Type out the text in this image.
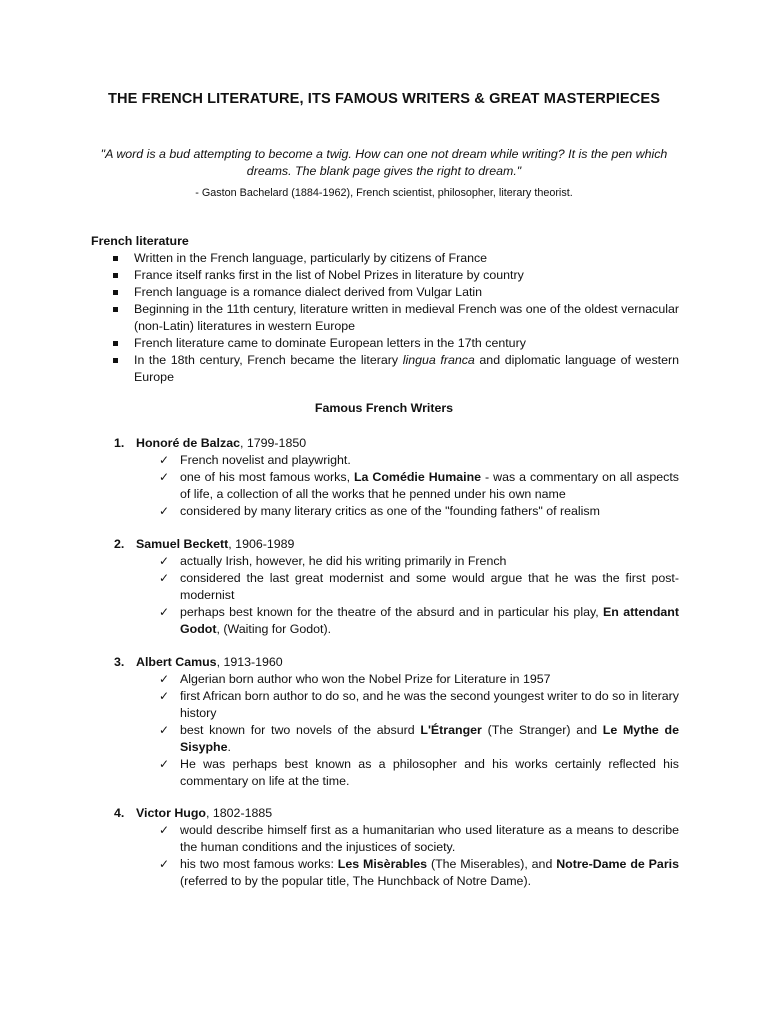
THE FRENCH LITERATURE, ITS FAMOUS WRITERS & GREAT MASTERPIECES
"A word is a bud attempting to become a twig. How can one not dream while writing? It is the pen which dreams. The blank page gives the right to dream."
- Gaston Bachelard (1884-1962), French scientist, philosopher, literary theorist.
French literature
Written in the French language, particularly by citizens of France
France itself ranks first in the list of Nobel Prizes in literature by country
French language is a romance dialect derived from Vulgar Latin
Beginning in the 11th century, literature written in medieval French was one of the oldest vernacular (non-Latin) literatures in western Europe
French literature came to dominate European letters in the 17th century
In the 18th century, French became the literary lingua franca and diplomatic language of western Europe
Famous French Writers
1. Honoré de Balzac, 1799-1850
✓ French novelist and playwright.
✓ one of his most famous works, La Comédie Humaine - was a commentary on all aspects of life, a collection of all the works that he penned under his own name
✓ considered by many literary critics as one of the "founding fathers" of realism
2. Samuel Beckett, 1906-1989
✓ actually Irish, however, he did his writing primarily in French
✓ considered the last great modernist and some would argue that he was the first post-modernist
✓ perhaps best known for the theatre of the absurd and in particular his play, En attendant Godot, (Waiting for Godot).
3. Albert Camus, 1913-1960
✓ Algerian born author who won the Nobel Prize for Literature in 1957
✓ first African born author to do so, and he was the second youngest writer to do so in literary history
✓ best known for two novels of the absurd L'Étranger (The Stranger) and Le Mythe de Sisyphe.
✓ He was perhaps best known as a philosopher and his works certainly reflected his commentary on life at the time.
4. Victor Hugo, 1802-1885
✓ would describe himself first as a humanitarian who used literature as a means to describe the human conditions and the injustices of society.
✓ his two most famous works: Les Misèrables (The Miserables), and Notre-Dame de Paris (referred to by the popular title, The Hunchback of Notre Dame).
